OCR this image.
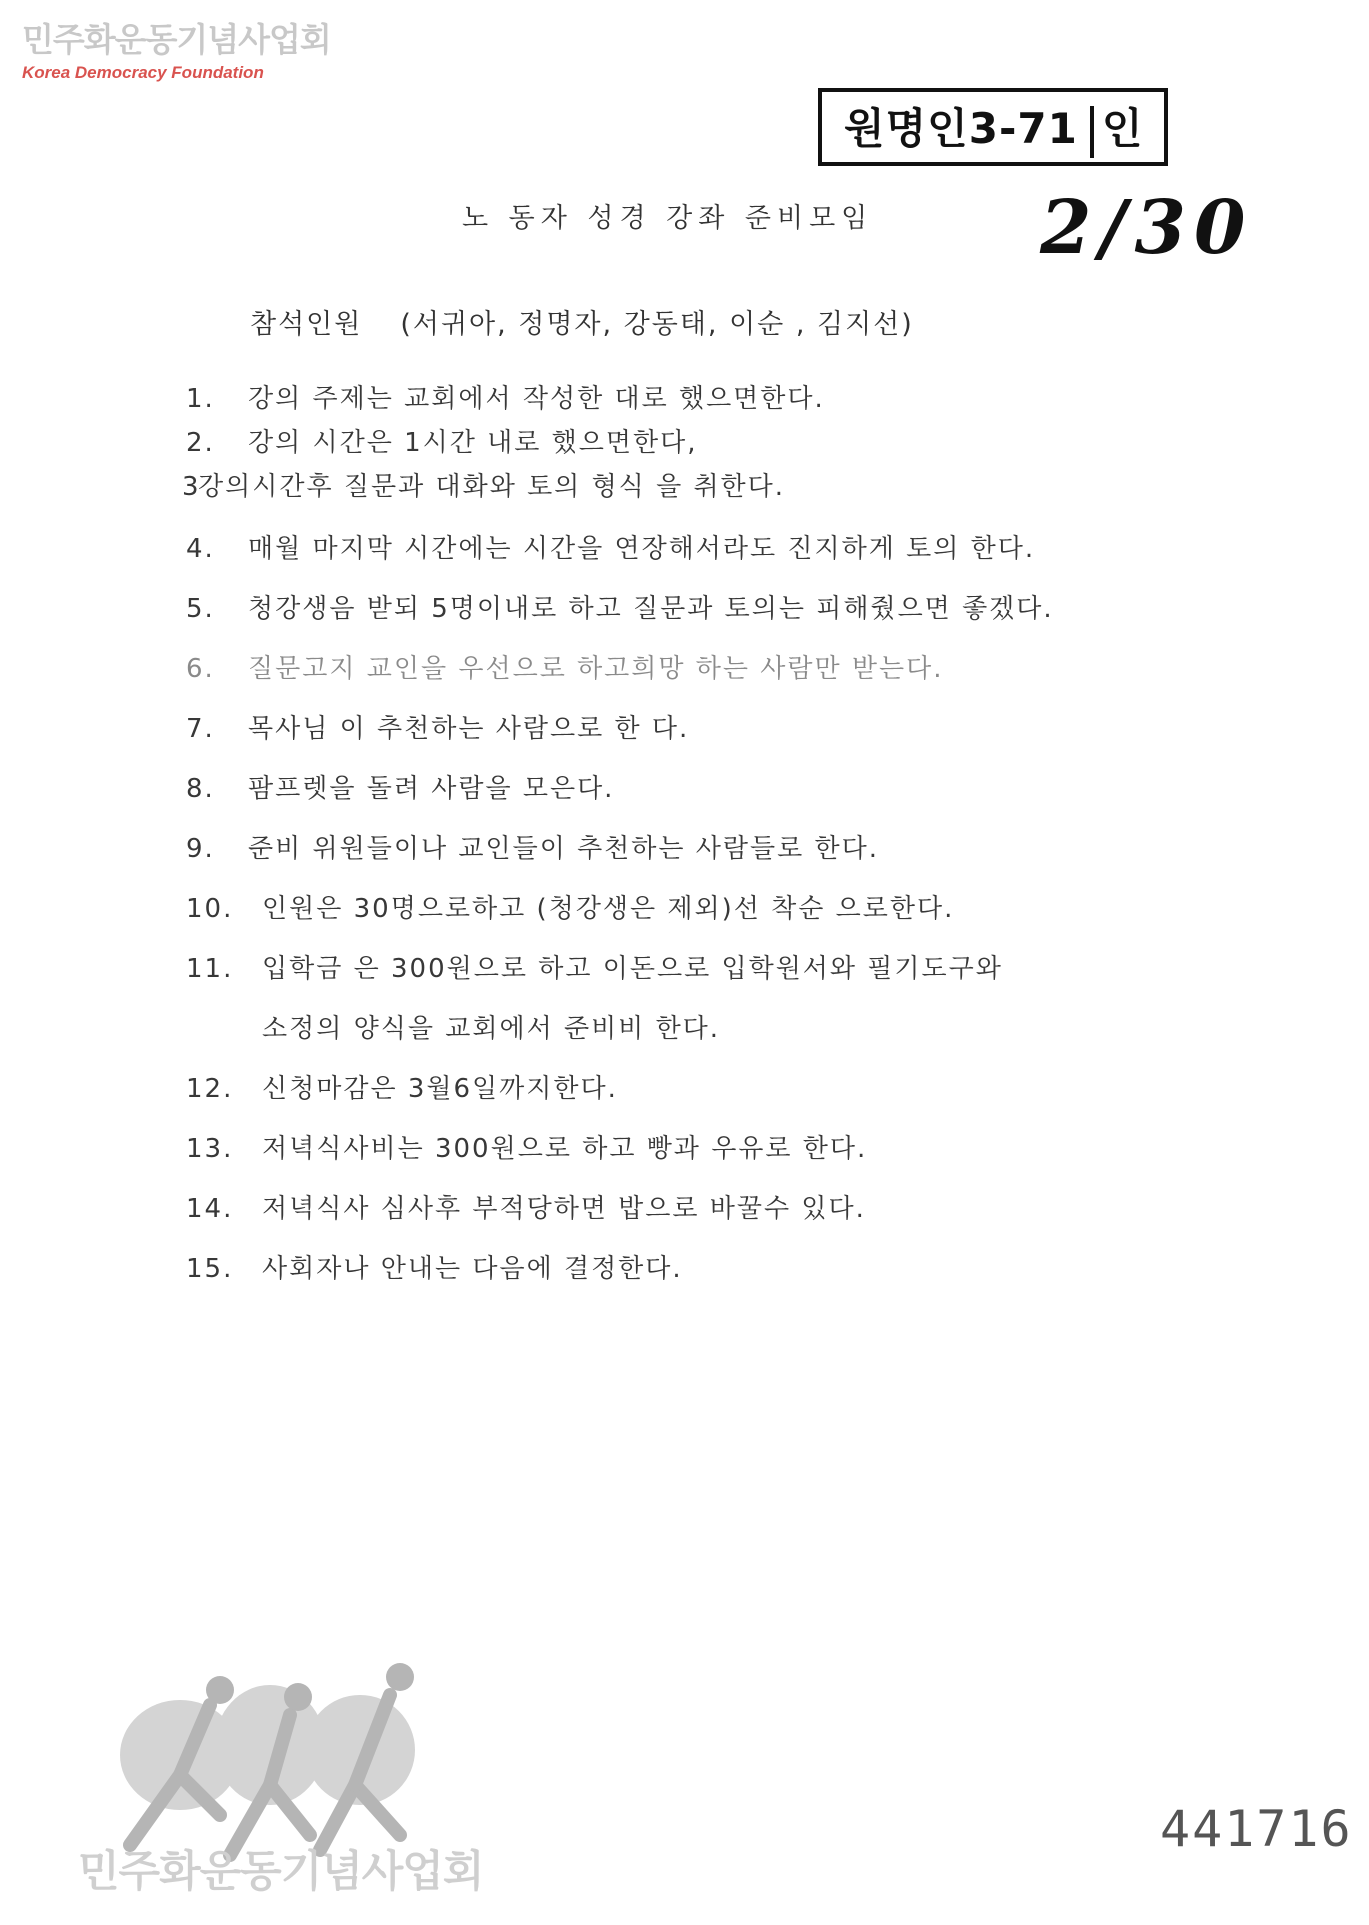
민주화운동기념사업회
Korea Democracy Foundation
원명인3-71 인
2/30
노 동자 성경 강좌 준비모임
참석인원 (서귀아, 정명자, 강동태, 이순 , 김지선)
1. 강의 주제는 교회에서 작성한 대로 했으면한다.
2. 강의 시간은 1시간 내로 했으면한다,
3강의시간후 질문과 대화와 토의 형식 을 취한다.
4. 매월 마지막 시간에는 시간을 연장해서라도 진지하게 토의 한다.
5. 청강생음 받되 5명이내로 하고 질문과 토의는 피해줬으면 좋겠다.
6. 질문고지 교인을 우선으로 하고희망 하는 사람만 받는다.
7. 목사님 이 추천하는 사람으로 한 다.
8. 팜프렛을 돌려 사람을 모은다.
9. 준비 위원들이나 교인들이 추천하는 사람들로 한다.
10. 인원은 30명으로하고 (청강생은 제외)선 착순 으로한다.
11. 입학금 은 300원으로 하고 이돈으로 입학원서와 필기도구와
소정의 양식을 교회에서 준비비 한다.
12. 신청마감은 3월6일까지한다.
13. 저녁식사비는 300원으로 하고 빵과 우유로 한다.
14. 저녁식사 심사후 부적당하면 밥으로 바꿀수 있다.
15. 사회자나 안내는 다음에 결정한다.
민주화운동기념사업회
441716
